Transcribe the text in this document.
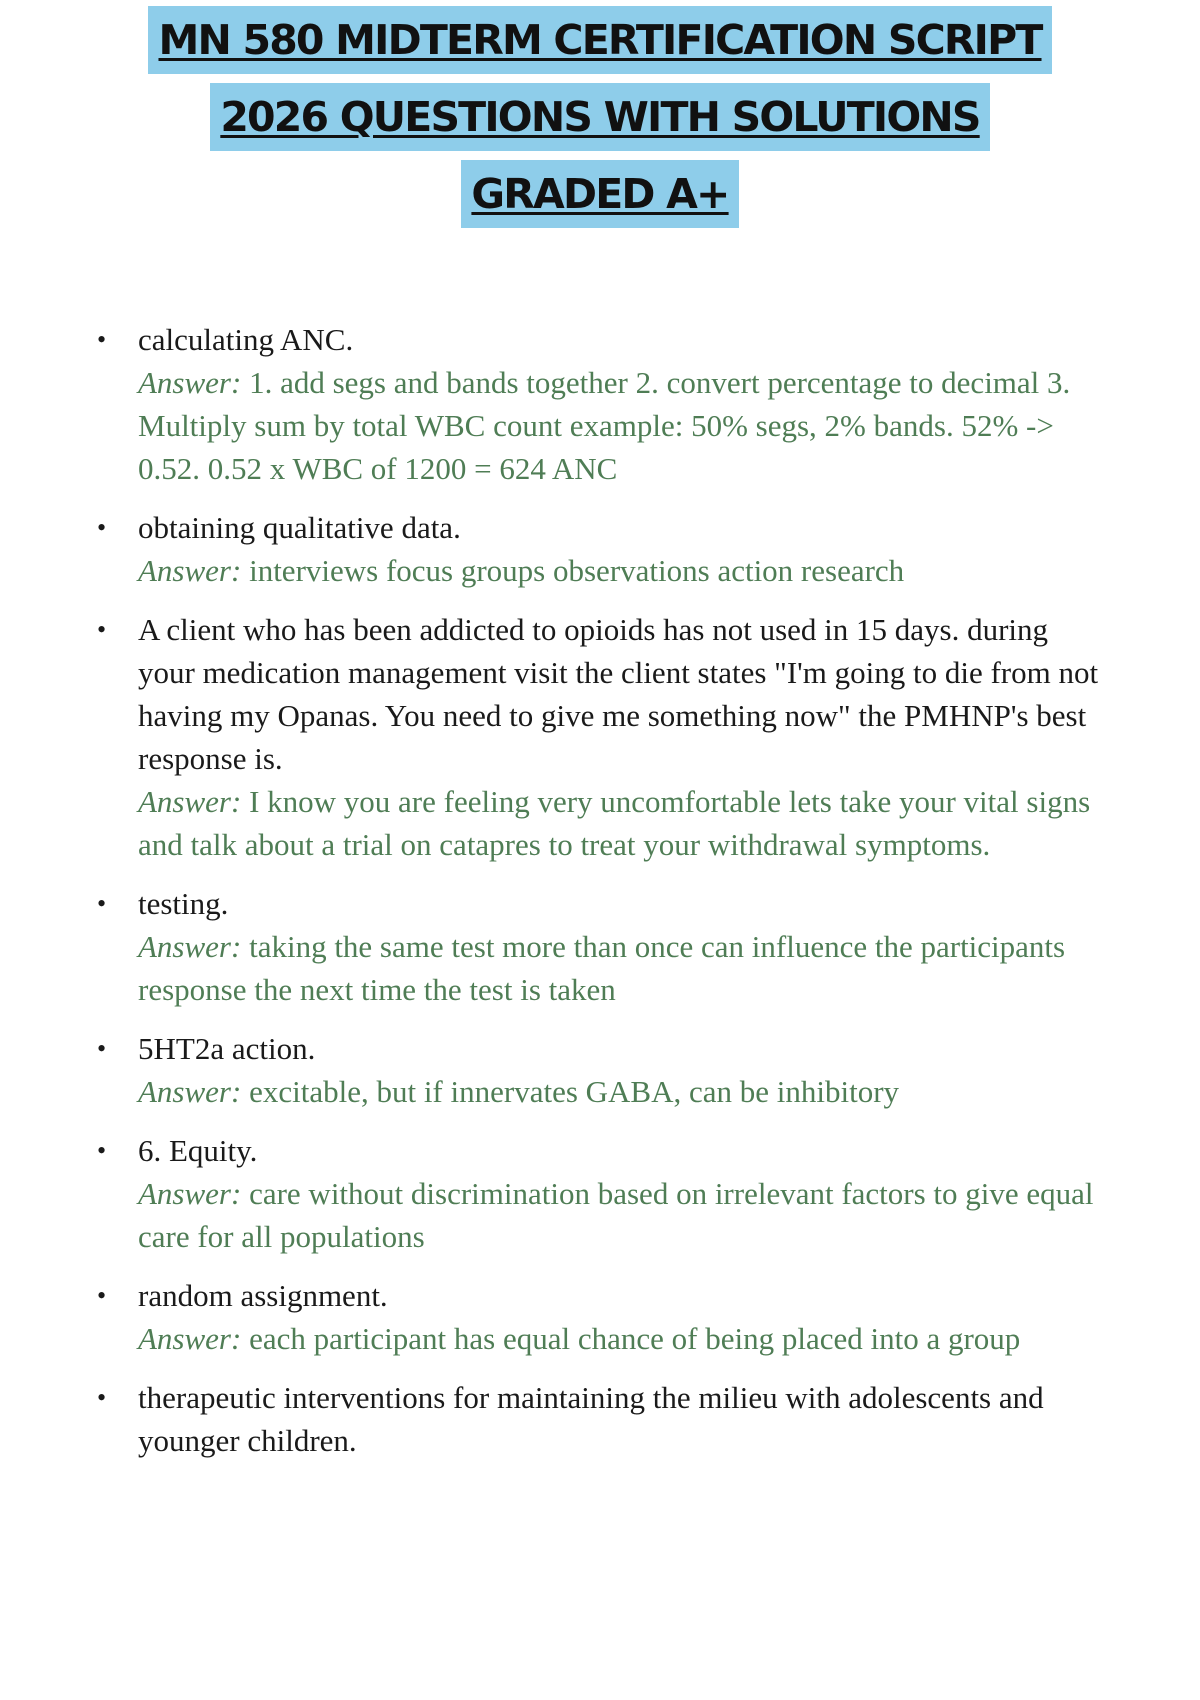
MN 580 MIDTERM CERTIFICATION SCRIPT
2026 QUESTIONS WITH SOLUTIONS
GRADED A+
• calculating ANC.
Answer: 1. add segs and bands together 2. convert percentage to decimal 3. Multiply sum by total WBC count example: 50% segs, 2% bands. 52% -> 0.52. 0.52 x WBC of 1200 = 624 ANC
• obtaining qualitative data.
Answer: interviews focus groups observations action research
• A client who has been addicted to opioids has not used in 15 days. during your medication management visit the client states "I'm going to die from not having my Opanas. You need to give me something now" the PMHNP's best response is.
Answer: I know you are feeling very uncomfortable lets take your vital signs and talk about a trial on catapres to treat your withdrawal symptoms.
• testing.
Answer: taking the same test more than once can influence the participants response the next time the test is taken
• 5HT2a action.
Answer: excitable, but if innervates GABA, can be inhibitory
• 6. Equity.
Answer: care without discrimination based on irrelevant factors to give equal care for all populations
• random assignment.
Answer: each participant has equal chance of being placed into a group
• therapeutic interventions for maintaining the milieu with adolescents and younger children.
